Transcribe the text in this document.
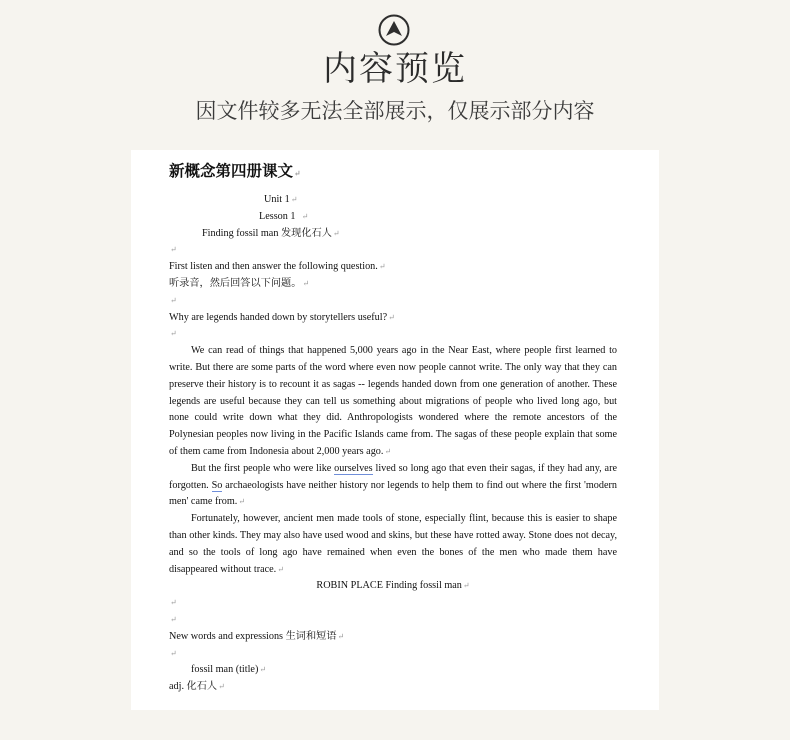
内容预览
因文件较多无法全部展示，仅展示部分内容
新概念第四册课文↵
Unit 1↵
Lesson 1 ↵
Finding fossil man 发现化石人↵
↵
First listen and then answer the following question.↵
听录音，然后回答以下问题。↵
↵
Why are legends handed down by storytellers useful?↵
↵
We can read of things that happened 5,000 years ago in the Near East, where people first learned to write. But there are some parts of the word where even now people cannot write. The only way that they can preserve their history is to recount it as sagas -- legends handed down from one generation of another. These legends are useful because they can tell us something about migrations of people who lived long ago, but none could write down what they did. Anthropologists wondered where the remote ancestors of the Polynesian peoples now living in the Pacific Islands came from. The sagas of these people explain that some of them came from Indonesia about 2,000 years ago.↵
But the first people who were like ourselves lived so long ago that even their sagas, if they had any, are forgotten. So archaeologists have neither history nor legends to help them to find out where the first 'modern men' came from.↵
Fortunately, however, ancient men made tools of stone, especially flint, because this is easier to shape than other kinds. They may also have used wood and skins, but these have rotted away. Stone does not decay, and so the tools of long ago have remained when even the bones of the men who made them have disappeared without trace.↵
ROBIN PLACE Finding fossil man↵
↵
↵
New words and expressions 生词和短语↵
↵
fossil man (title)↵
adj. 化石人↵
